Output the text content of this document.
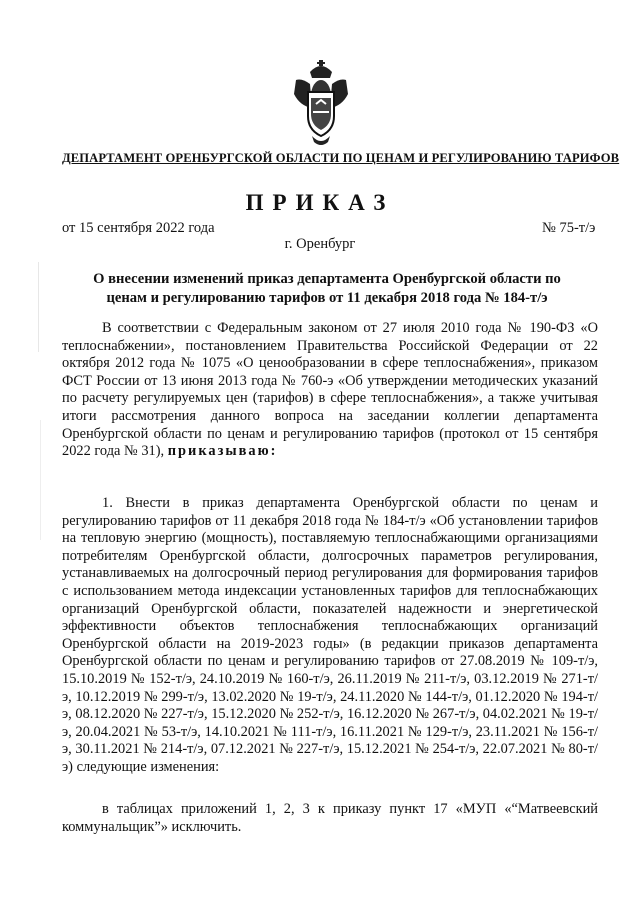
ДЕПАРТАМЕНТ ОРЕНБУРГСКОЙ ОБЛАСТИ ПО ЦЕНАМ И РЕГУЛИРОВАНИЮ ТАРИФОВ
ПРИКАЗ
от 15 сентября 2022 года	№ 75-т/э
г. Оренбург
О внесении изменений приказ департамента Оренбургской области по ценам и регулированию тарифов от 11 декабря 2018 года № 184-т/э
В соответствии с Федеральным законом от 27 июля 2010 года № 190-ФЗ «О теплоснабжении», постановлением Правительства Российской Федерации от 22 октября 2012 года № 1075 «О ценообразовании в сфере теплоснабжения», приказом ФСТ России от 13 июня 2013 года № 760-э «Об утверждении методических указаний по расчету регулируемых цен (тарифов) в сфере теплоснабжения», а также учитывая итоги рассмотрения данного вопроса на заседании коллегии департамента Оренбургской области по ценам и регулированию тарифов (протокол от 15 сентября 2022 года № 31), приказываю:
1. Внести в приказ департамента Оренбургской области по ценам и регулированию тарифов от 11 декабря 2018 года № 184-т/э «Об установлении тарифов на тепловую энергию (мощность), поставляемую теплоснабжающими организациями потребителям Оренбургской области, долгосрочных параметров регулирования, устанавливаемых на долгосрочный период регулирования для формирования тарифов с использованием метода индексации установленных тарифов для теплоснабжающих организаций Оренбургской области, показателей надежности и энергетической эффективности объектов теплоснабжения теплоснабжающих организаций Оренбургской области на 2019-2023 годы» (в редакции приказов департамента Оренбургской области по ценам и регулированию тарифов от 27.08.2019 № 109-т/э, 15.10.2019 № 152-т/э, 24.10.2019 № 160-т/э, 26.11.2019 № 211-т/э, 03.12.2019 № 271-т/э, 10.12.2019 № 299-т/э, 13.02.2020 № 19-т/э, 24.11.2020 № 144-т/э, 01.12.2020 № 194-т/э, 08.12.2020 № 227-т/э, 15.12.2020 № 252-т/э, 16.12.2020 № 267-т/э, 04.02.2021 № 19-т/э, 20.04.2021 № 53-т/э, 14.10.2021 № 111-т/э, 16.11.2021 № 129-т/э, 23.11.2021 № 156-т/э, 30.11.2021 № 214-т/э, 07.12.2021 № 227-т/э, 15.12.2021 № 254-т/э, 22.07.2021 № 80-т/э) следующие изменения:
в таблицах приложений 1, 2, 3 к приказу пункт 17 «МУП «“Матвеевский коммунальщик”» исключить.
